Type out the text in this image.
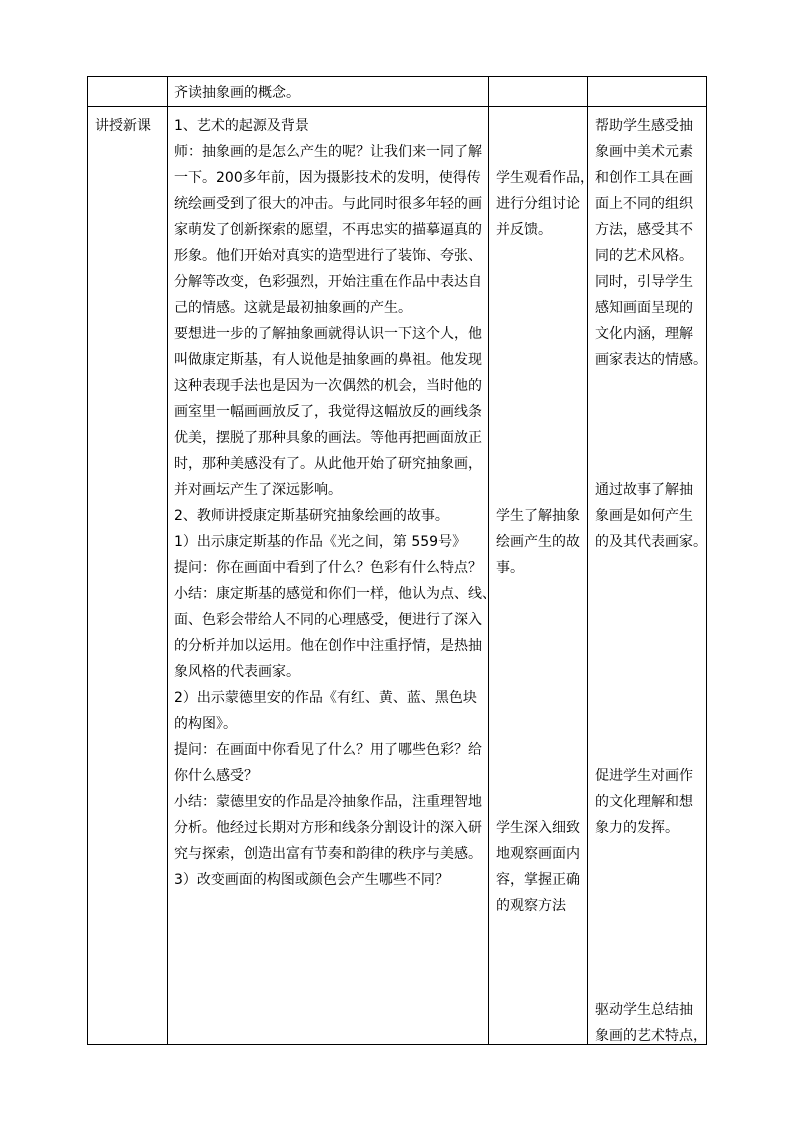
齐读抽象画的概念。

讲授新课 1、艺术的起源及背景

师：抽象画的是怎么产生的呢？让我们来一同了解

一下。200多年前，因为摄影技术的发明，使得传

统绘画受到了很大的冲击。与此同时很多年轻的画

家萌发了创新探索的愿望，不再忠实的描摹逼真的

形象。他们开始对真实的造型进行了装饰、夸张、

分解等改变，色彩强烈，开始注重在作品中表达自

己的情感。这就是最初抽象画的产生。

要想进一步的了解抽象画就得认识一下这个人，他

叫做康定斯基，有人说他是抽象画的鼻祖。他发现

这种表现手法也是因为一次偶然的机会，当时他的

画室里一幅画画放反了，我觉得这幅放反的画线条

优美，摆脱了那种具象的画法。等他再把画面放正

时，那种美感没有了。从此他开始了研究抽象画，

并对画坛产生了深远影响。

2、教师讲授康定斯基研究抽象绘画的故事。

1）出示康定斯基的作品《光之间，第 559号》

提问：你在画面中看到了什么？色彩有什么特点？

小结：康定斯基的感觉和你们一样，他认为点、线、

面、色彩会带给人不同的心理感受，便进行了深入

的分析并加以运用。他在创作中注重抒情，是热抽

象风格的代表画家。

2）出示蒙德里安的作品《有红、黄、蓝、黑色块

的构图》。

提问：在画面中你看见了什么？用了哪些色彩？给

你什么感受？

小结：蒙德里安的作品是冷抽象作品，注重理智地

分析。他经过长期对方形和线条分割设计的深入研

究与探索，创造出富有节奏和韵律的秩序与美感。

3）改变画面的构图或颜色会产生哪些不同？

学生观看作品，

进行分组讨论

并反馈。

学生了解抽象

绘画产生的故

事。

学生深入细致

地观察画面内

容，掌握正确

的观察方法

帮助学生感受抽

象画中美术元素

和创作工具在画

面上不同的组织

方法，感受其不

同的艺术风格。

同时，引导学生

感知画面呈现的

文化内涵，理解

画家表达的情感。

通过故事了解抽

象画是如何产生

的及其代表画家。

促进学生对画作

的文化理解和想

象力的发挥。

驱动学生总结抽

象画的艺术特点，
